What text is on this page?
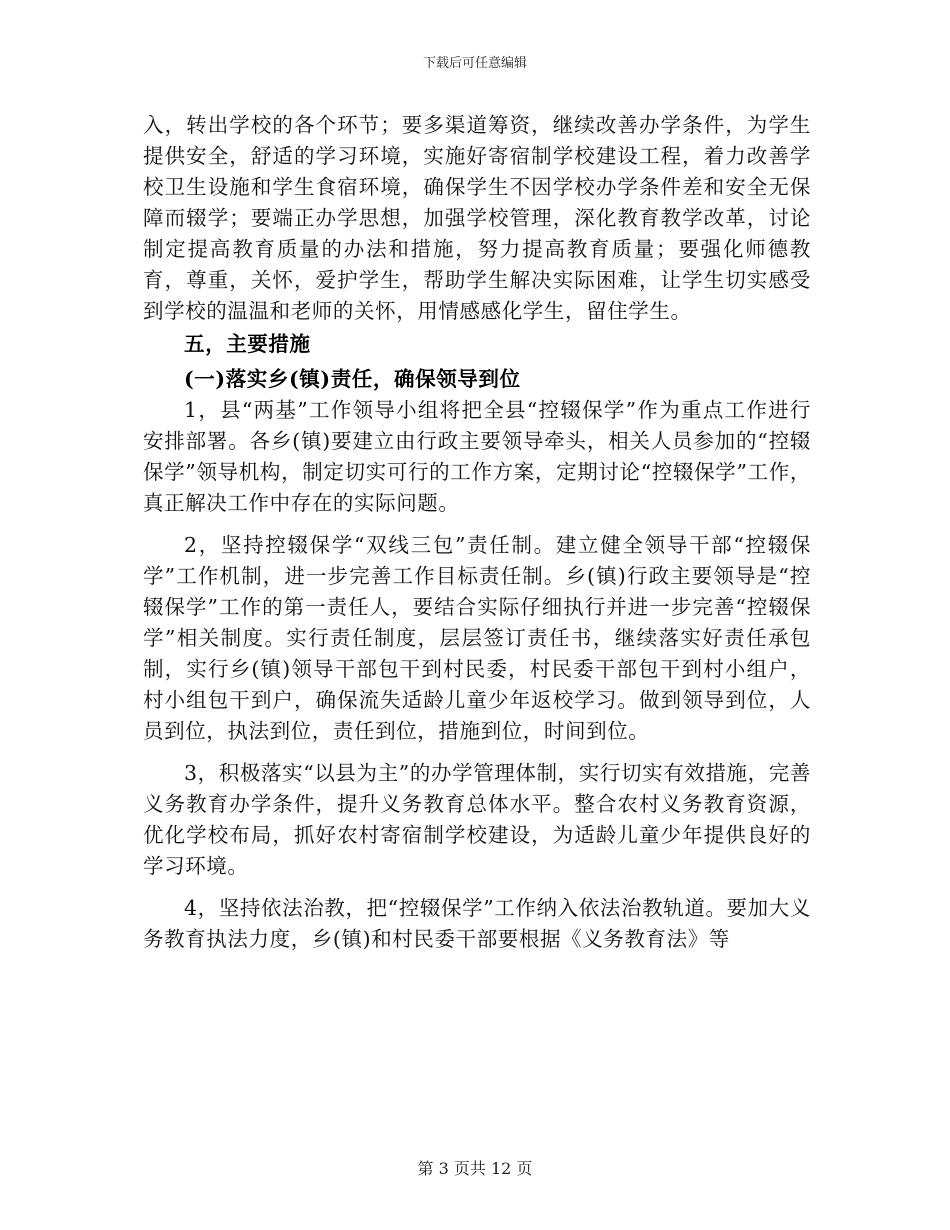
下载后可任意编辑

入，转出学校的各个环节；要多渠道筹资，继续改善办学条件，为学生提供安全，舒适的学习环境，实施好寄宿制学校建设工程，着力改善学校卫生设施和学生食宿环境，确保学生不因学校办学条件差和安全无保障而辍学；要端正办学思想，加强学校管理，深化教育教学改革，讨论制定提高教育质量的办法和措施，努力提高教育质量；要强化师德教育，尊重，关怀，爱护学生，帮助学生解决实际困难，让学生切实感受到学校的温温和老师的关怀，用情感感化学生，留住学生。

五，主要措施
(一)落实乡(镇)责任，确保领导到位

1，县“两基”工作领导小组将把全县“控辍保学”作为重点工作进行安排部署。各乡(镇)要建立由行政主要领导牵头，相关人员参加的“控辍保学”领导机构，制定切实可行的工作方案，定期讨论“控辍保学”工作，真正解决工作中存在的实际问题。

2，坚持控辍保学“双线三包”责任制。建立健全领导干部“控辍保学”工作机制，进一步完善工作目标责任制。乡(镇)行政主要领导是“控辍保学”工作的第一责任人，要结合实际仔细执行并进一步完善“控辍保学”相关制度。实行责任制度，层层签订责任书，继续落实好责任承包制，实行乡(镇)领导干部包干到村民委，村民委干部包干到村小组户，村小组包干到户，确保流失适龄儿童少年返校学习。做到领导到位，人员到位，执法到位，责任到位，措施到位，时间到位。

3，积极落实“以县为主”的办学管理体制，实行切实有效措施，完善义务教育办学条件，提升义务教育总体水平。整合农村义务教育资源，优化学校布局，抓好农村寄宿制学校建设，为适龄儿童少年提供良好的学习环境。

4，坚持依法治教，把“控辍保学”工作纳入依法治教轨道。要加大义务教育执法力度，乡(镇)和村民委干部要根据《义务教育法》等

第 3 页共 12 页
